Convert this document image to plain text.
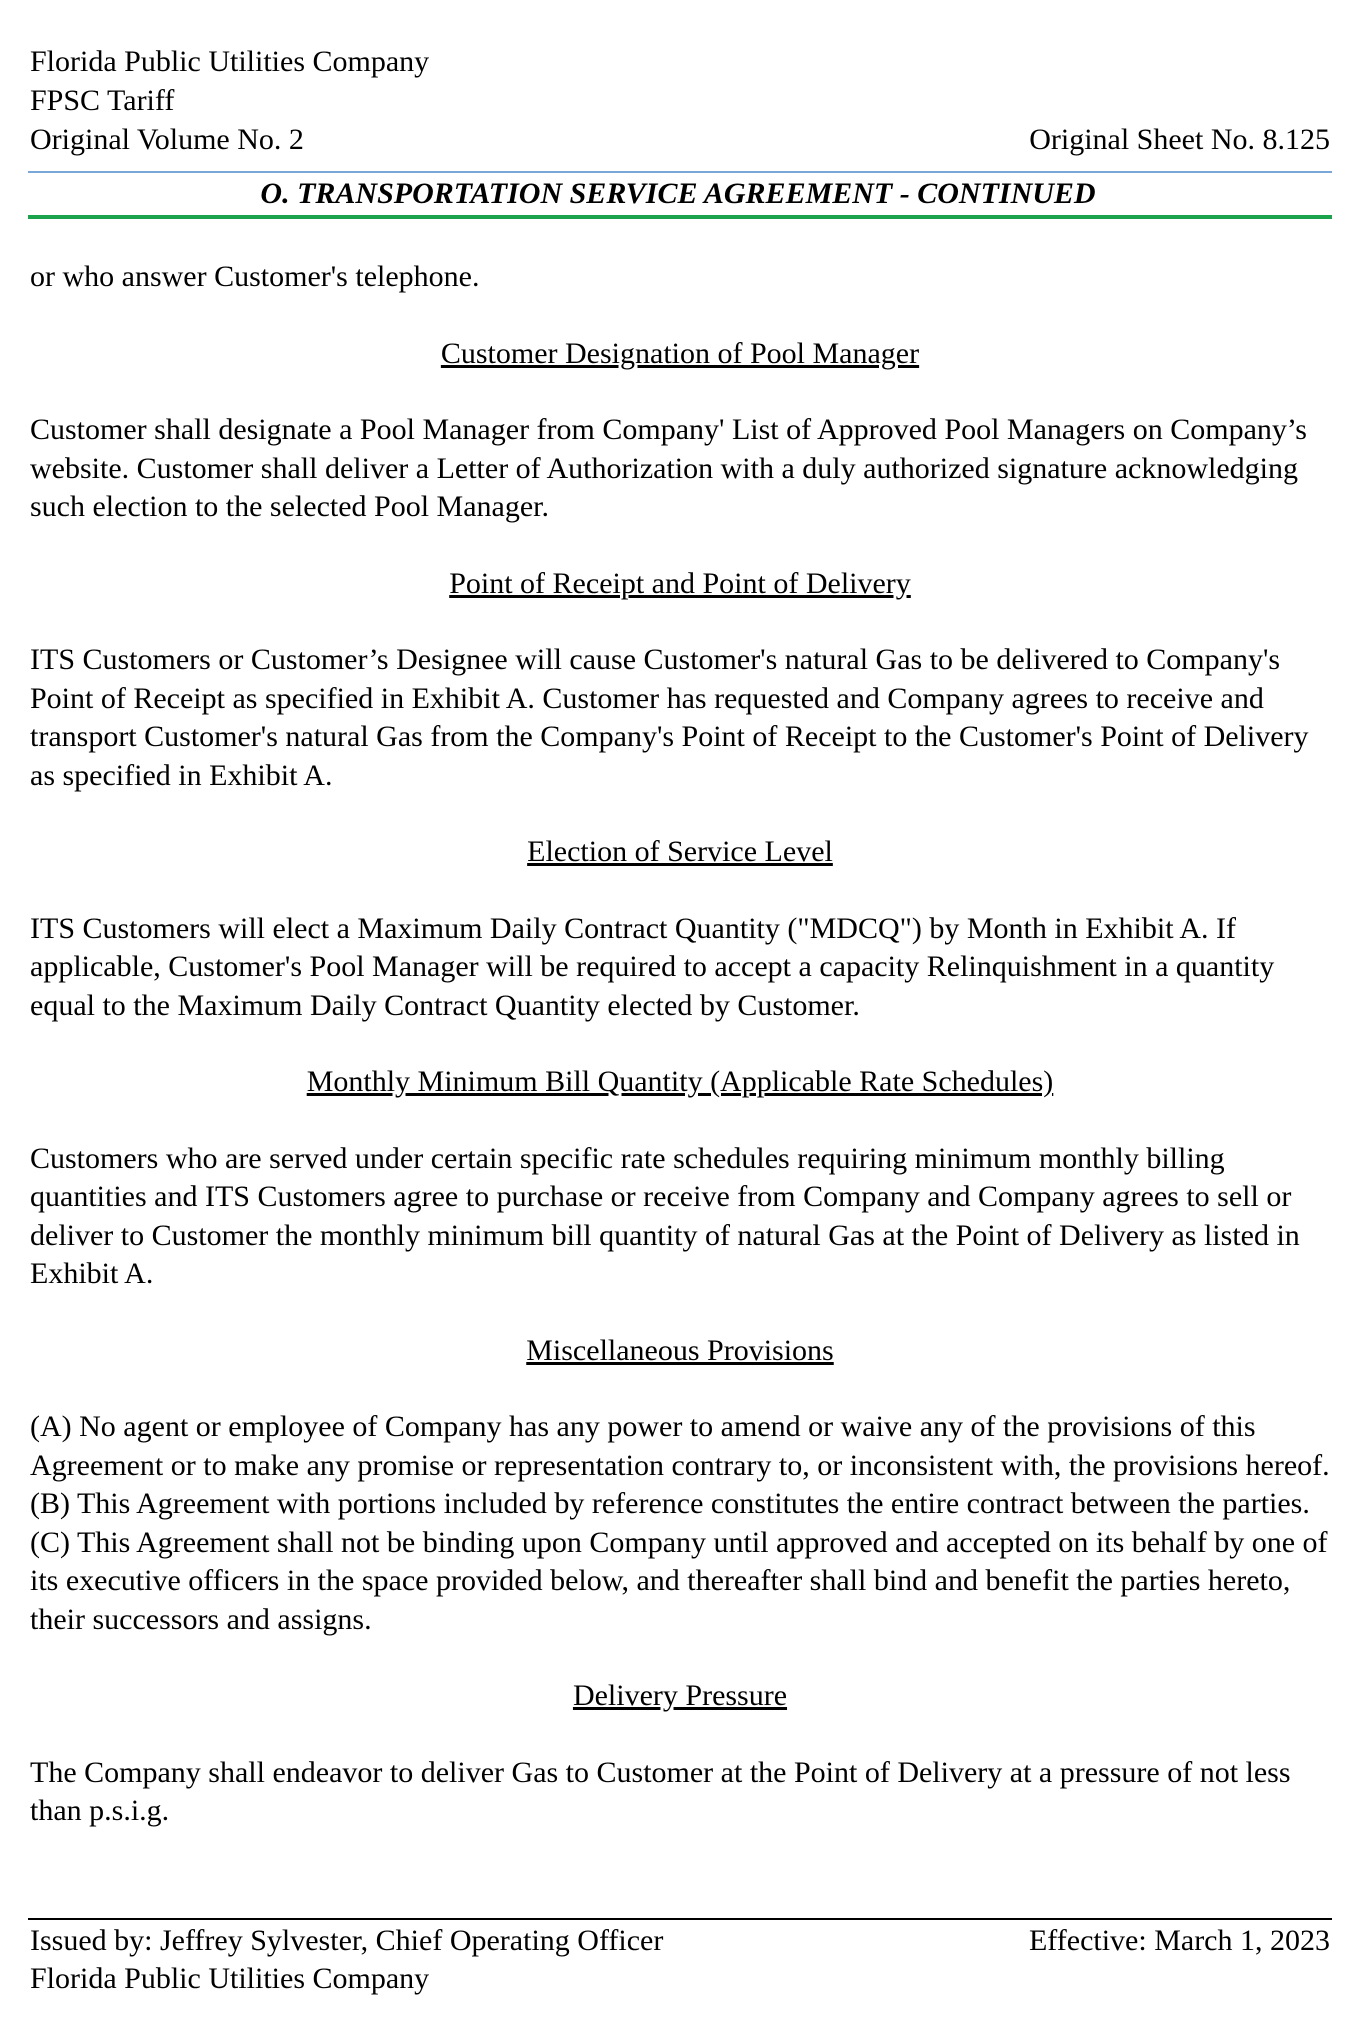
Florida Public Utilities Company
FPSC Tariff
Original Volume No. 2	Original Sheet No. 8.125
O. TRANSPORTATION SERVICE AGREEMENT - CONTINUED

or who answer Customer's telephone.

Customer Designation of Pool Manager

Customer shall designate a Pool Manager from Company' List of Approved Pool Managers on Company’s website. Customer shall deliver a Letter of Authorization with a duly authorized signature acknowledging such election to the selected Pool Manager.

Point of Receipt and Point of Delivery

ITS Customers or Customer’s Designee will cause Customer's natural Gas to be delivered to Company's Point of Receipt as specified in Exhibit A. Customer has requested and Company agrees to receive and transport Customer's natural Gas from the Company's Point of Receipt to the Customer's Point of Delivery as specified in Exhibit A.

Election of Service Level

ITS Customers will elect a Maximum Daily Contract Quantity ("MDCQ") by Month in Exhibit A. If applicable, Customer's Pool Manager will be required to accept a capacity Relinquishment in a quantity equal to the Maximum Daily Contract Quantity elected by Customer.

Monthly Minimum Bill Quantity (Applicable Rate Schedules)

Customers who are served under certain specific rate schedules requiring minimum monthly billing quantities and ITS Customers agree to purchase or receive from Company and Company agrees to sell or deliver to Customer the monthly minimum bill quantity of natural Gas at the Point of Delivery as listed in Exhibit A.

Miscellaneous Provisions

(A) No agent or employee of Company has any power to amend or waive any of the provisions of this Agreement or to make any promise or representation contrary to, or inconsistent with, the provisions hereof. (B) This Agreement with portions included by reference constitutes the entire contract between the parties. (C) This Agreement shall not be binding upon Company until approved and accepted on its behalf by one of its executive officers in the space provided below, and thereafter shall bind and benefit the parties hereto, their successors and assigns.

Delivery Pressure

The Company shall endeavor to deliver Gas to Customer at the Point of Delivery at a pressure of not less than p.s.i.g.

Issued by: Jeffrey Sylvester, Chief Operating Officer	Effective: March 1, 2023
Florida Public Utilities Company
